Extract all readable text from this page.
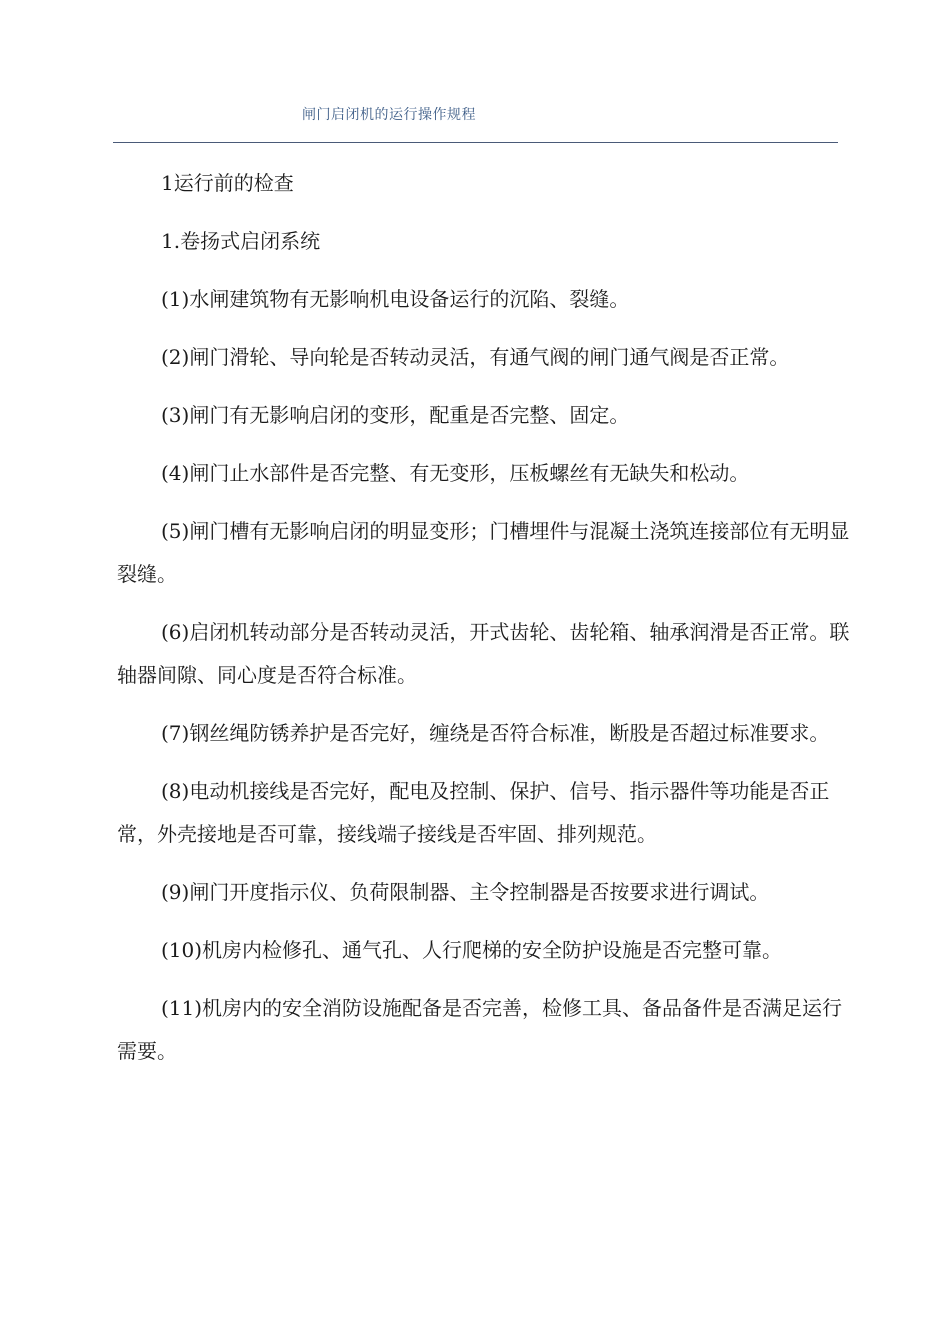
闸门启闭机的运行操作规程

1运行前的检查

1.卷扬式启闭系统

(1)水闸建筑物有无影响机电设备运行的沉陷、裂缝。

(2)闸门滑轮、导向轮是否转动灵活，有通气阀的闸门通气阀是否正常。

(3)闸门有无影响启闭的变形，配重是否完整、固定。

(4)闸门止水部件是否完整、有无变形，压板螺丝有无缺失和松动。

(5)闸门槽有无影响启闭的明显变形；门槽埋件与混凝土浇筑连接部位有无明显裂缝。

(6)启闭机转动部分是否转动灵活，开式齿轮、齿轮箱、轴承润滑是否正常。联轴器间隙、同心度是否符合标准。

(7)钢丝绳防锈养护是否完好，缠绕是否符合标准，断股是否超过标准要求。

(8)电动机接线是否完好，配电及控制、保护、信号、指示器件等功能是否正常，外壳接地是否可靠，接线端子接线是否牢固、排列规范。

(9)闸门开度指示仪、负荷限制器、主令控制器是否按要求进行调试。

(10)机房内检修孔、通气孔、人行爬梯的安全防护设施是否完整可靠。

(11)机房内的安全消防设施配备是否完善，检修工具、备品备件是否满足运行需要。
